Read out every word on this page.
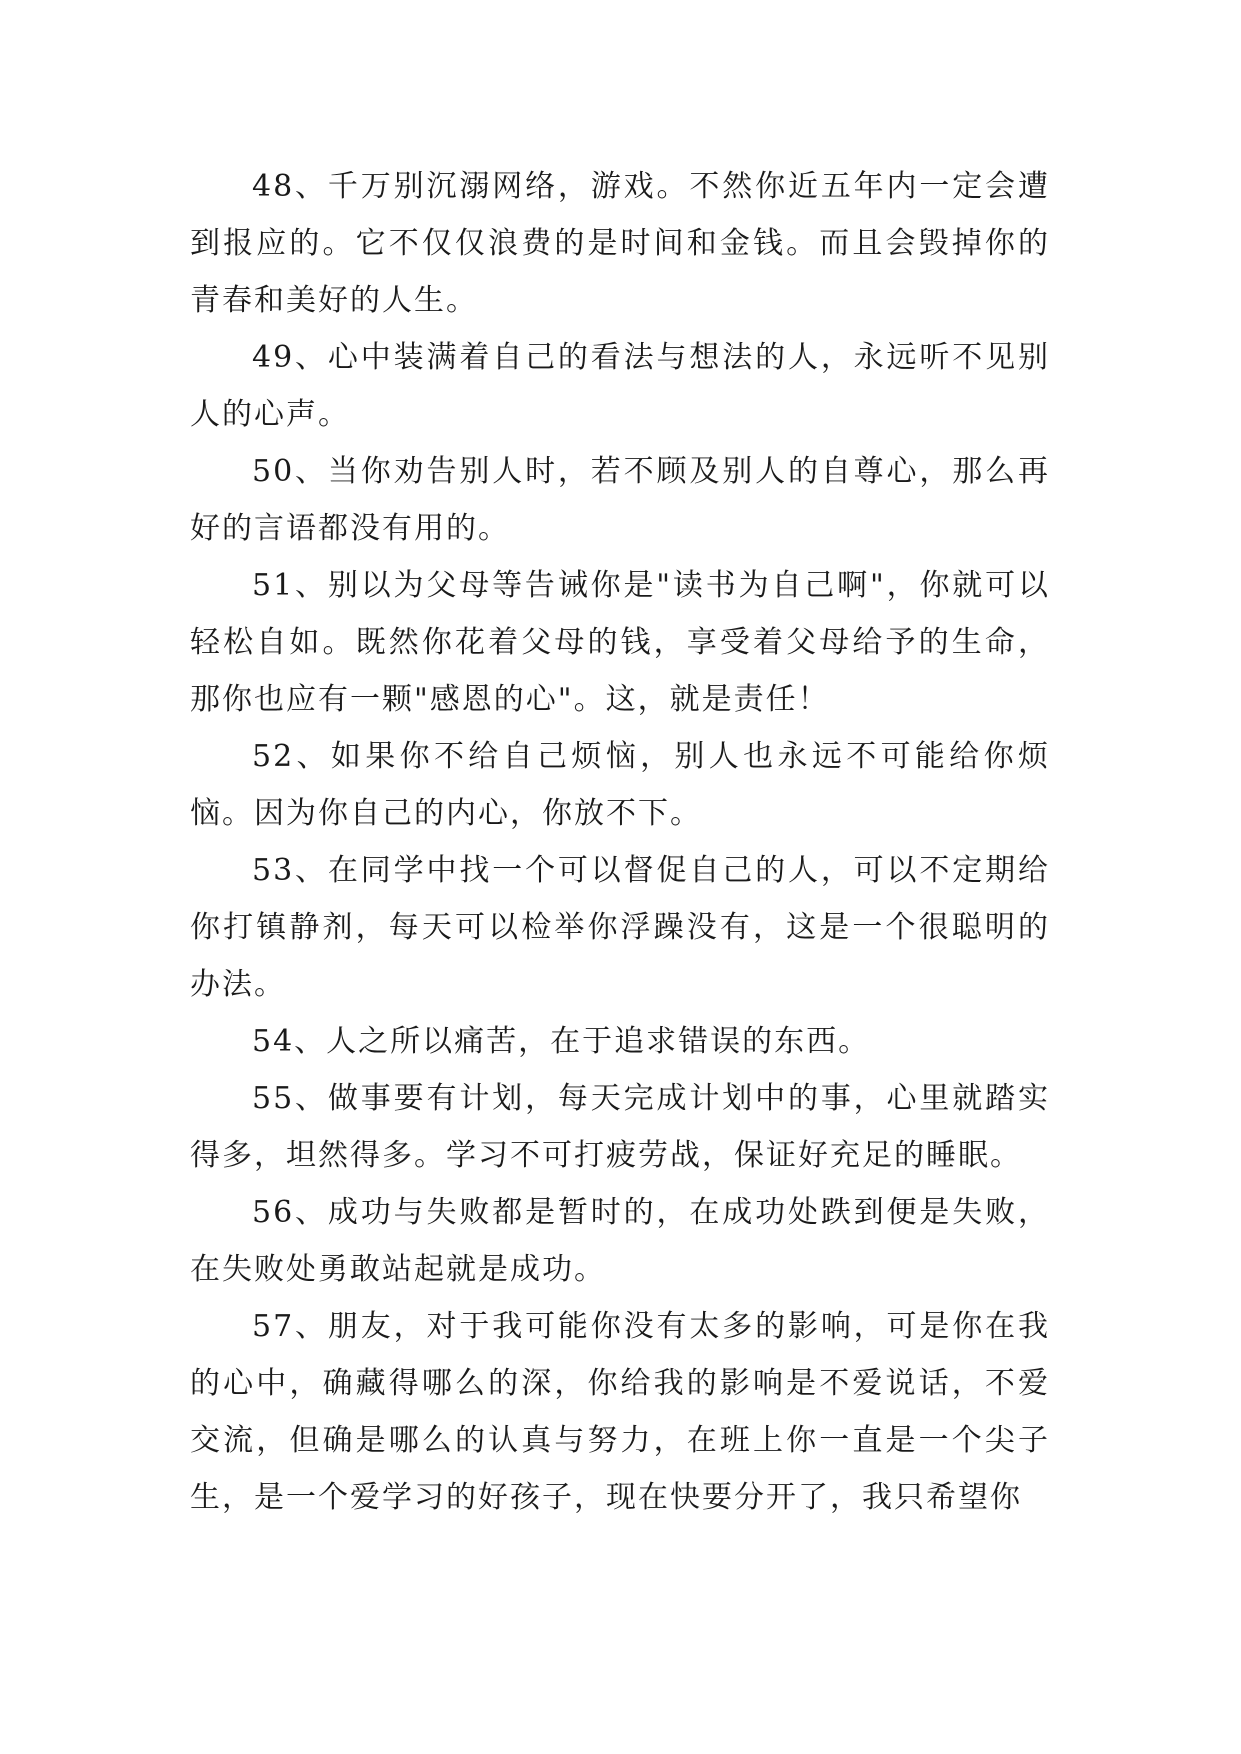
48、千万别沉溺网络，游戏。不然你近五年内一定会遭到报应的。它不仅仅浪费的是时间和金钱。而且会毁掉你的青春和美好的人生。

49、心中装满着自己的看法与想法的人，永远听不见别人的心声。

50、当你劝告别人时，若不顾及别人的自尊心，那么再好的言语都没有用的。

51、别以为父母等告诫你是"读书为自己啊"，你就可以轻松自如。既然你花着父母的钱，享受着父母给予的生命，那你也应有一颗"感恩的心"。这，就是责任！

52、如果你不给自己烦恼，别人也永远不可能给你烦恼。因为你自己的内心，你放不下。

53、在同学中找一个可以督促自己的人，可以不定期给你打镇静剂，每天可以检举你浮躁没有，这是一个很聪明的办法。

54、人之所以痛苦，在于追求错误的东西。

55、做事要有计划，每天完成计划中的事，心里就踏实得多，坦然得多。学习不可打疲劳战，保证好充足的睡眠。

56、成功与失败都是暂时的，在成功处跌到便是失败，在失败处勇敢站起就是成功。

57、朋友，对于我可能你没有太多的影响，可是你在我的心中，确藏得哪么的深，你给我的影响是不爱说话，不爱交流，但确是哪么的认真与努力，在班上你一直是一个尖子生，是一个爱学习的好孩子，现在快要分开了，我只希望你
